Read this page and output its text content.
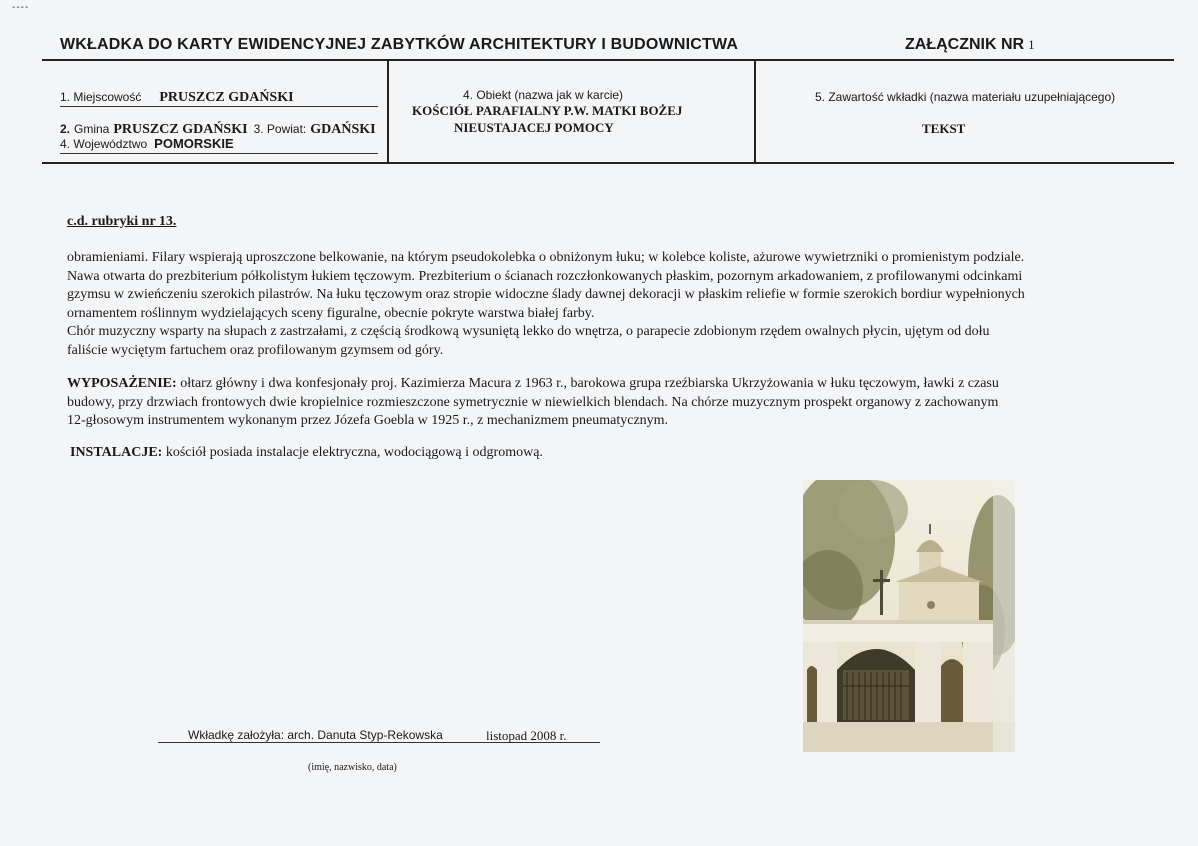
----
WKŁADKA DO KARTY EWIDENCYJNEJ ZABYTKÓW ARCHITEKTURY I BUDOWNICTWA	ZAŁĄCZNIK NR 1
1. Miejscowość PRUSZCZ GDAŃSKI
2. Gmina PRUSZCZ GDAŃSKI 3. Powiat: GDAŃSKI
4. Województwo POMORSKIE
4. Obiekt (nazwa jak w karcie)
KOŚCIÓŁ PARAFIALNY P.W. MATKI BOŻEJ
NIEUSTAJACEJ POMOCY
5. Zawartość wkładki (nazwa materiału uzupełniającego)
TEKST
c.d. rubryki nr 13.

obramieniami. Filary wspierają uproszczone belkowanie, na którym pseudokolebka o obniżonym łuku; w kolebce koliste, ażurowe wywietrzniki o promienistym podziale.

Nawa otwarta do prezbiterium półkolistym łukiem tęczowym. Prezbiterium o ścianach rozczłonkowanych płaskim, pozornym arkadowaniem, z profilowanymi odcinkami

gzymsu w zwieńczeniu szerokich pilastrów. Na łuku tęczowym oraz stropie widoczne ślady dawnej dekoracji w płaskim reliefie w formie szerokich bordiur wypełnionych

ornamentem roślinnym wydzielających sceny figuralne, obecnie pokryte warstwa białej farby.

Chór muzyczny wsparty na słupach z zastrzałami, z częścią środkową wysuniętą lekko do wnętrza, o parapecie zdobionym rzędem owalnych płycin, ujętym od dołu

faliście wyciętym fartuchem oraz profilowanym gzymsem od góry.

WYPOSAŻENIE: ołtarz główny i dwa konfesjonały proj. Kazimierza Macura z 1963 r., barokowa grupa rzeźbiarska Ukrzyżowania w łuku tęczowym, ławki z czasu
budowy, przy drzwiach frontowych dwie kropielnice rozmieszczone symetrycznie w niewielkich blendach. Na chórze muzycznym prospekt organowy z zachowanym
12-głosowym instrumentem wykonanym przez Józefa Goebla w 1925 r., z mechanizmem pneumatycznym.
INSTALACJE: kościół posiada instalacje elektryczna, wodociągową i odgromową.
Wkładkę założyła: arch. Danuta Styp-Rekowska	listopad 2008 r.
(imię, nazwisko, data)
